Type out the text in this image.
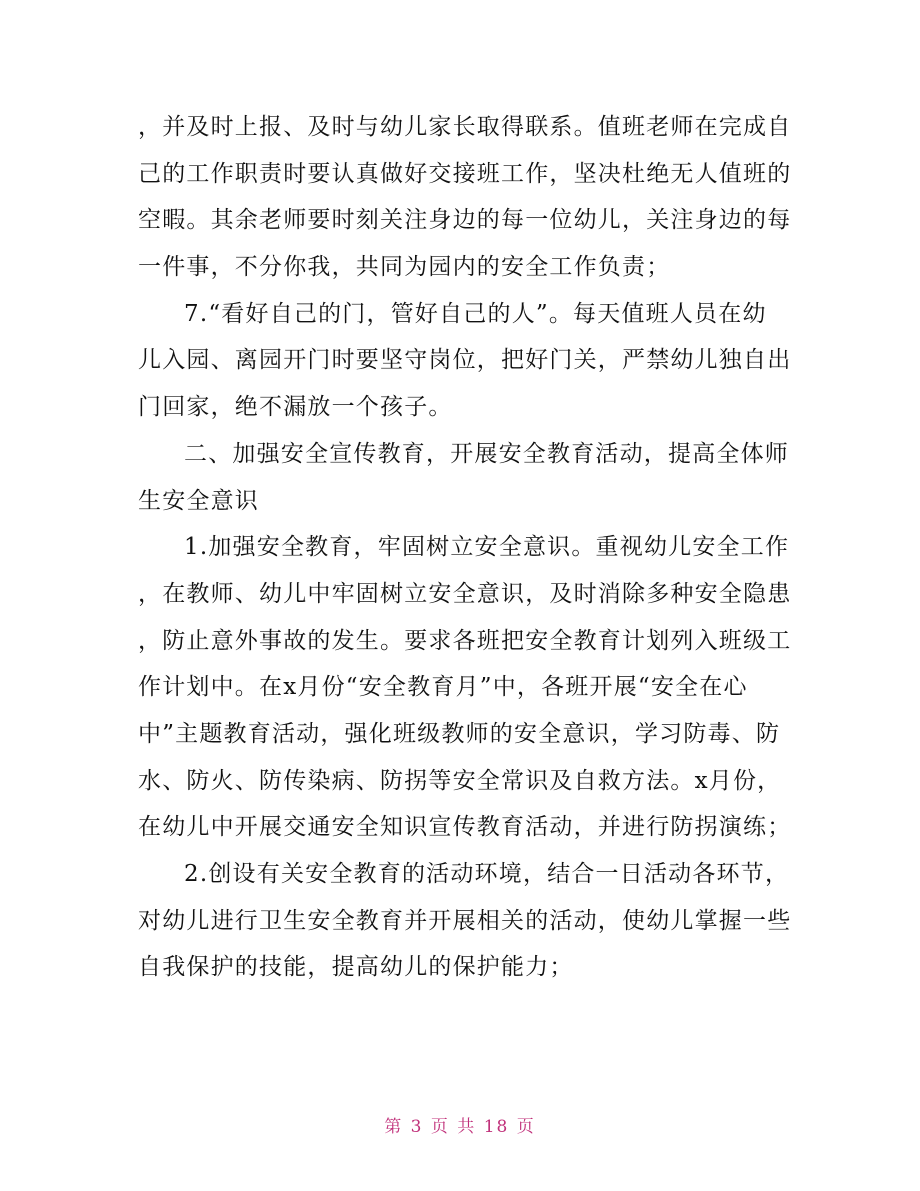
，并及时上报、及时与幼儿家长取得联系。值班老师在完成自
己的工作职责时要认真做好交接班工作，坚决杜绝无人值班的
空暇。其余老师要时刻关注身边的每一位幼儿，关注身边的每
一件事，不分你我，共同为园内的安全工作负责；
7.“看好自己的门，管好自己的人”。每天值班人员在幼
儿入园、离园开门时要坚守岗位，把好门关，严禁幼儿独自出
门回家，绝不漏放一个孩子。
二、加强安全宣传教育，开展安全教育活动，提高全体师
生安全意识
1.加强安全教育，牢固树立安全意识。重视幼儿安全工作
，在教师、幼儿中牢固树立安全意识，及时消除多种安全隐患
，防止意外事故的发生。要求各班把安全教育计划列入班级工
作计划中。在x月份“安全教育月”中，各班开展“安全在心
中”主题教育活动，强化班级教师的安全意识，学习防毒、防
水、防火、防传染病、防拐等安全常识及自救方法。x月份，
在幼儿中开展交通安全知识宣传教育活动，并进行防拐演练；
2.创设有关安全教育的活动环境，结合一日活动各环节，
对幼儿进行卫生安全教育并开展相关的活动，使幼儿掌握一些
自我保护的技能，提高幼儿的保护能力；
第 3 页 共 18 页
